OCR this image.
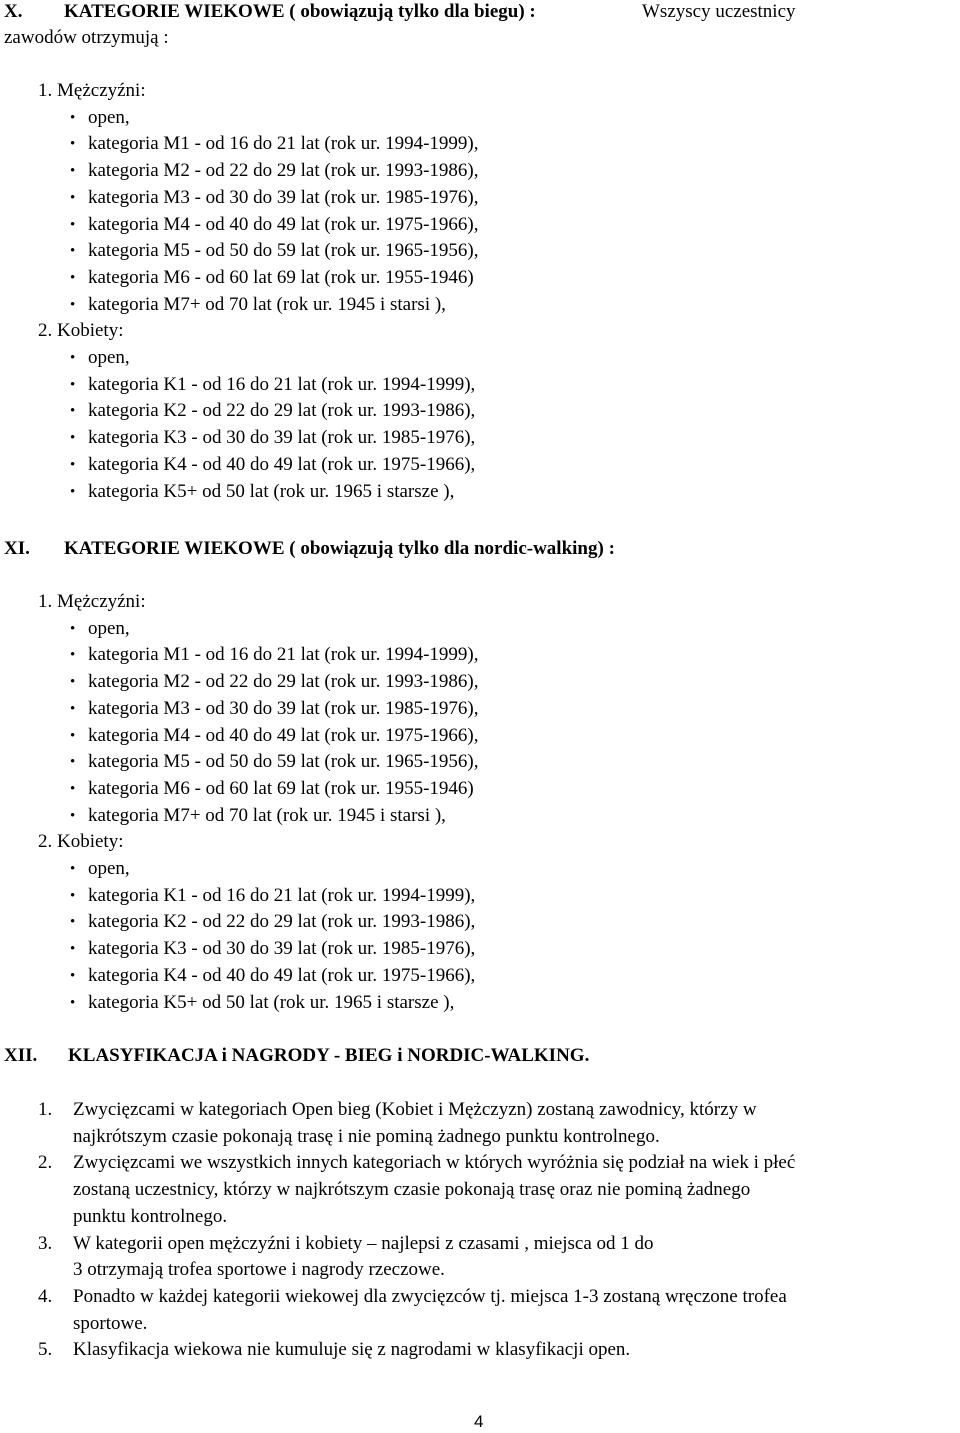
X. KATEGORIE WIEKOWE ( obowiązują tylko dla biegu) :	Wszyscy uczestnicy
zawodów otrzymują :
1. Mężczyźni:
• open,
• kategoria M1 - od 16 do 21 lat (rok ur. 1994-1999),
• kategoria M2 - od 22 do 29 lat (rok ur. 1993-1986),
• kategoria M3 - od 30 do 39 lat (rok ur. 1985-1976),
• kategoria M4 - od 40 do 49 lat (rok ur. 1975-1966),
• kategoria M5 - od 50 do 59 lat (rok ur. 1965-1956),
• kategoria M6 - od 60 lat 69 lat (rok ur. 1955-1946)
• kategoria M7+ od 70 lat (rok ur. 1945 i starsi ),
2. Kobiety:
• open,
• kategoria K1 - od 16 do 21 lat (rok ur. 1994-1999),
• kategoria K2 - od 22 do 29 lat (rok ur. 1993-1986),
• kategoria K3 - od 30 do 39 lat (rok ur. 1985-1976),
• kategoria K4 - od 40 do 49 lat (rok ur. 1975-1966),
• kategoria K5+ od 50 lat (rok ur. 1965 i starsze ),
XI. KATEGORIE WIEKOWE ( obowiązują tylko dla nordic-walking) :
1. Mężczyźni:
• open,
• kategoria M1 - od 16 do 21 lat (rok ur. 1994-1999),
• kategoria M2 - od 22 do 29 lat (rok ur. 1993-1986),
• kategoria M3 - od 30 do 39 lat (rok ur. 1985-1976),
• kategoria M4 - od 40 do 49 lat (rok ur. 1975-1966),
• kategoria M5 - od 50 do 59 lat (rok ur. 1965-1956),
• kategoria M6 - od 60 lat 69 lat (rok ur. 1955-1946)
• kategoria M7+ od 70 lat (rok ur. 1945 i starsi ),
2. Kobiety:
• open,
• kategoria K1 - od 16 do 21 lat (rok ur. 1994-1999),
• kategoria K2 - od 22 do 29 lat (rok ur. 1993-1986),
• kategoria K3 - od 30 do 39 lat (rok ur. 1985-1976),
• kategoria K4 - od 40 do 49 lat (rok ur. 1975-1966),
• kategoria K5+ od 50 lat (rok ur. 1965 i starsze ),
XII. KLASYFIKACJA i NAGRODY - BIEG i NORDIC-WALKING.
1. Zwycięzcami w kategoriach Open bieg (Kobiet i Mężczyzn) zostaną zawodnicy, którzy w
najkrótszym czasie pokonają trasę i nie pominą żadnego punktu kontrolnego.
2. Zwycięzcami we wszystkich innych kategoriach w których wyróżnia się podział na wiek i płeć
zostaną uczestnicy, którzy w najkrótszym czasie pokonają trasę oraz nie pominą żadnego
punktu kontrolnego.
3. W kategorii open mężczyźni i kobiety – najlepsi z czasami , miejsca od 1 do
3 otrzymają trofea sportowe i nagrody rzeczowe.
4. Ponadto w każdej kategorii wiekowej dla zwycięzców tj. miejsca 1-3 zostaną wręczone trofea
sportowe.
5. Klasyfikacja wiekowa nie kumuluje się z nagrodami w klasyfikacji open.
4
